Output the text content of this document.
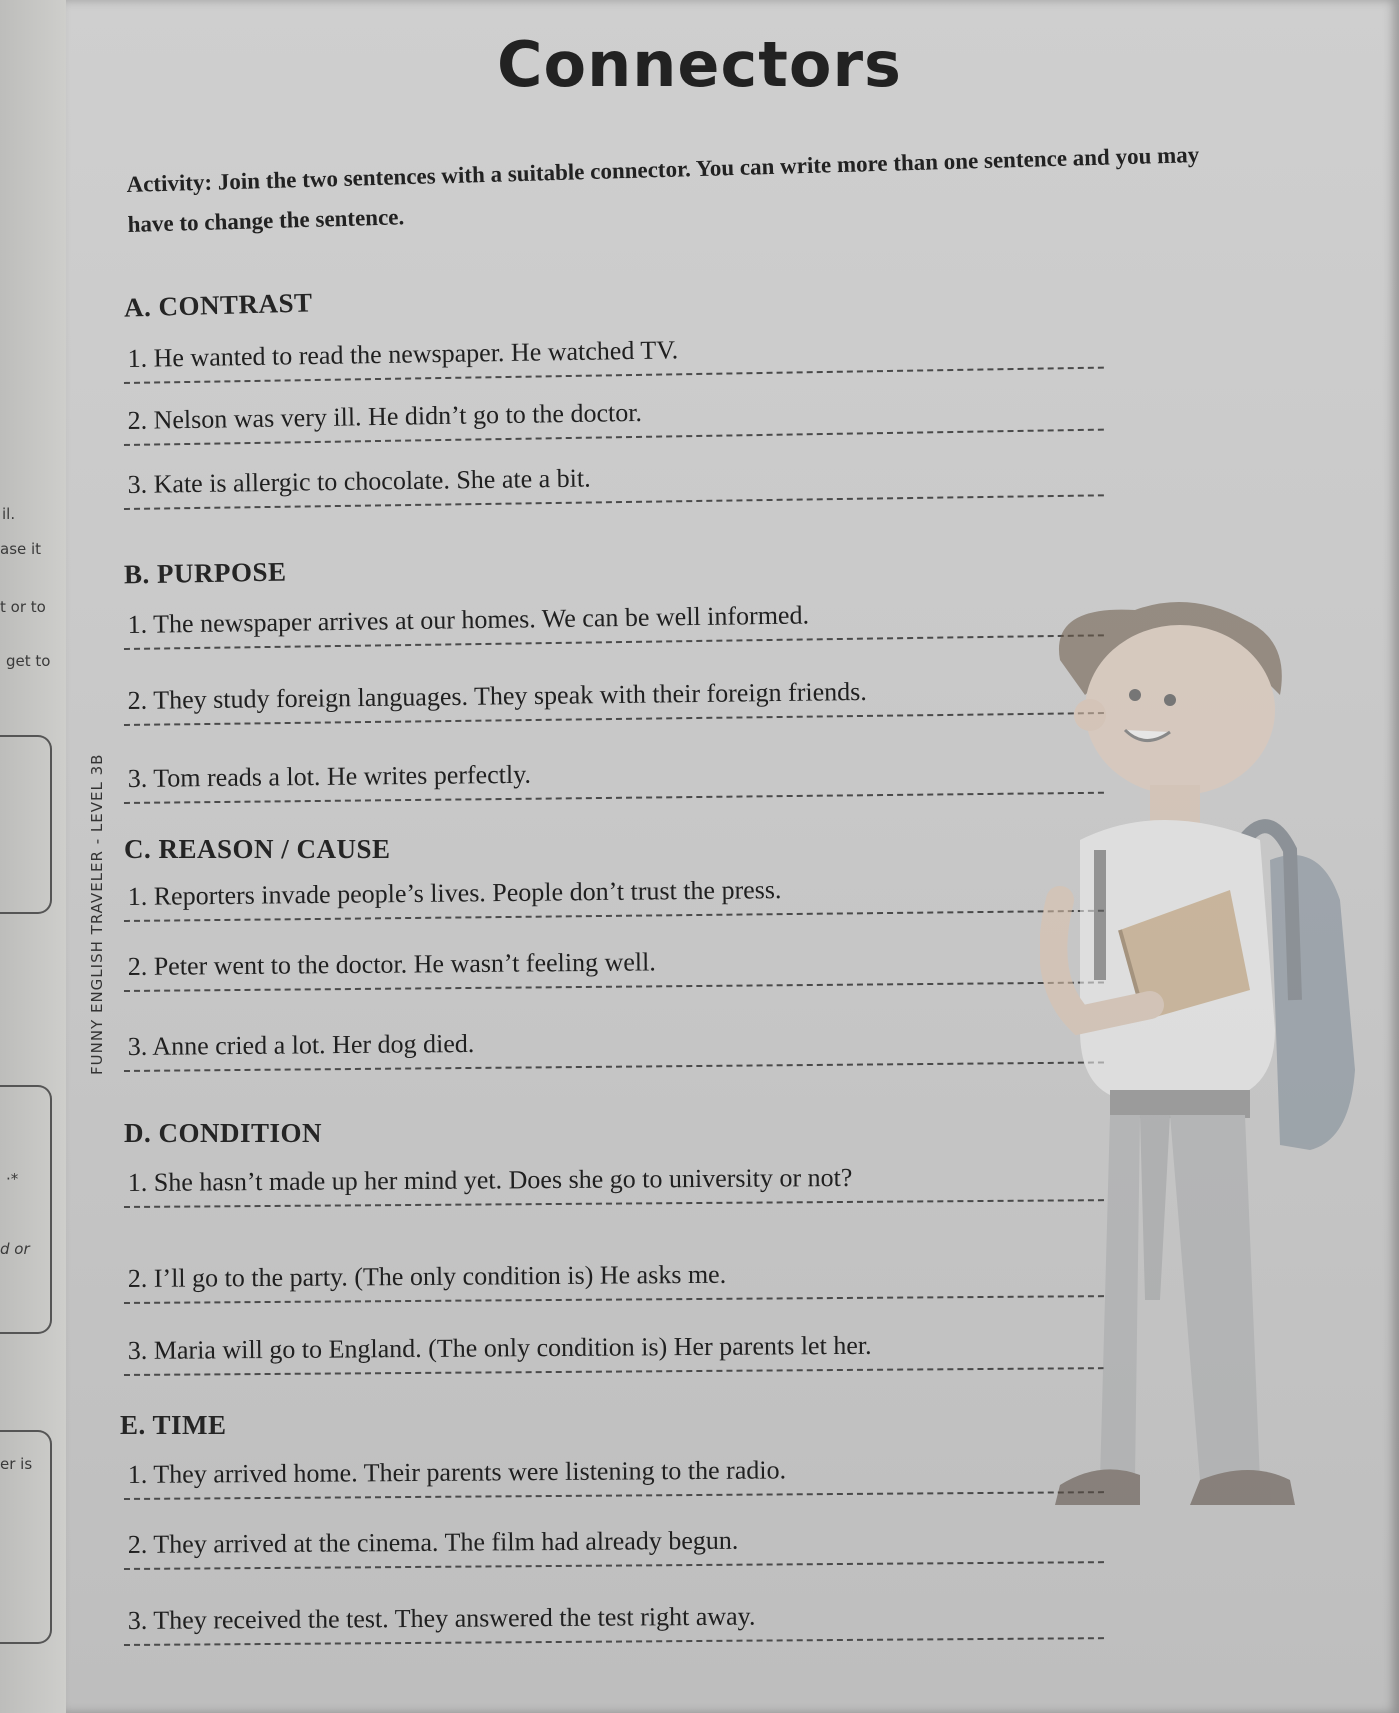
il.
ase it
t or to
get to
·*
d or
er is
FUNNY ENGLISH TRAVELER - LEVEL 3B
Connectors
Activity: Join the two sentences with a suitable connector. You can write more than one sentence and you may have to change the sentence.
A. CONTRAST
1. He wanted to read the newspaper. He watched TV.
2. Nelson was very ill. He didn’t go to the doctor.
3. Kate is allergic to chocolate. She ate a bit.
B. PURPOSE
1. The newspaper arrives at our homes. We can be well informed.
2. They study foreign languages. They speak with their foreign friends.
3. Tom reads a lot. He writes perfectly.
C. REASON / CAUSE
1. Reporters invade people’s lives. People don’t trust the press.
2. Peter went to the doctor. He wasn’t feeling well.
3. Anne cried a lot. Her dog died.
D. CONDITION
1. She hasn’t made up her mind yet. Does she go to university or not?
2. I’ll go to the party. (The only condition is) He asks me.
3. Maria will go to England. (The only condition is) Her parents let her.
E. TIME
1. They arrived home. Their parents were listening to the radio.
2. They arrived at the cinema. The film had already begun.
3. They received the test. They answered the test right away.
